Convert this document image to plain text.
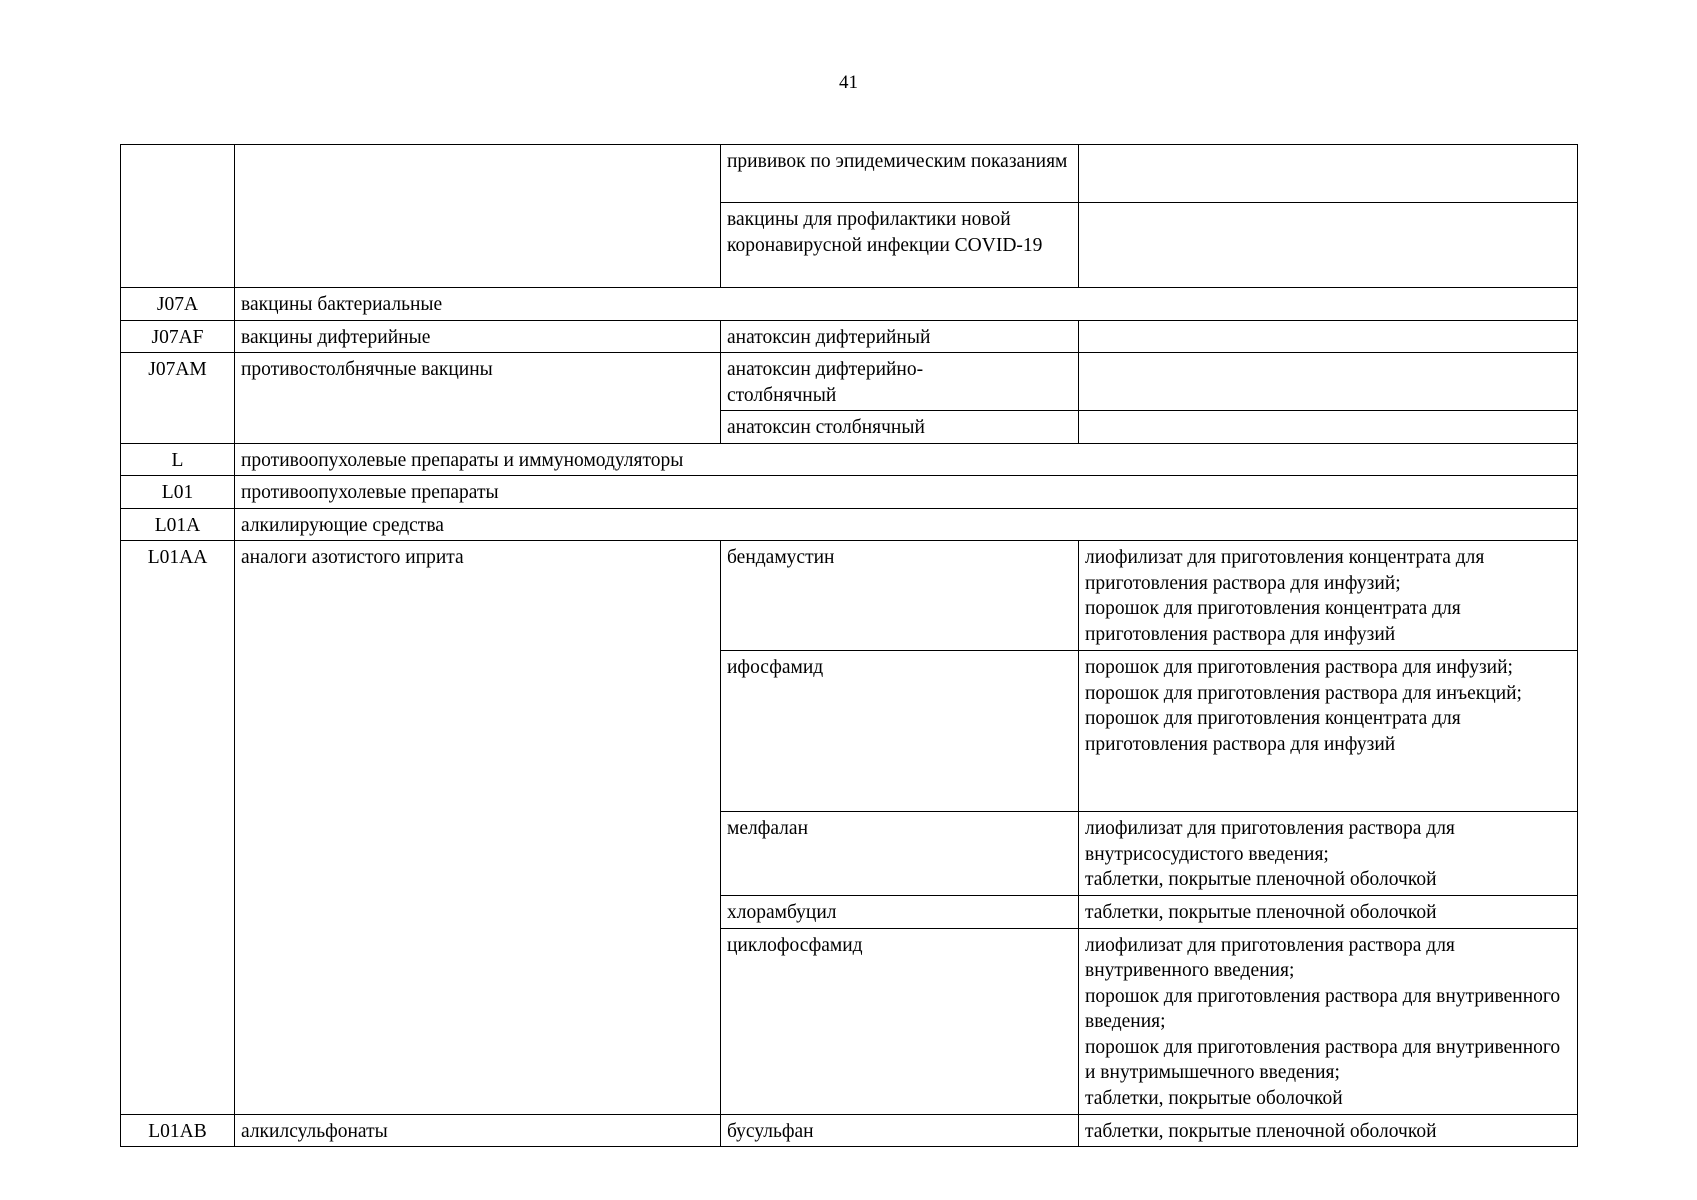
41
		прививок по эпидемическим показаниям	
		вакцины для профилактики новой коронавирусной инфекции COVID-19	
J07A	вакцины бактериальные		
J07AF	вакцины дифтерийные	анатоксин дифтерийный	
J07AM	противостолбнячные вакцины	анатоксин дифтерийно-
столбнячный	
		анатоксин столбнячный	
L	противоопухолевые препараты и иммуномодуляторы		
L01	противоопухолевые препараты		
L01A	алкилирующие средства		
L01AA	аналоги азотистого иприта	бендамустин	лиофилизат для приготовления концентрата для приготовления раствора для инфузий;
порошок для приготовления концентрата для приготовления раствора для инфузий
		ифосфамид	порошок для приготовления раствора для инфузий;
порошок для приготовления раствора для инъекций;
порошок для приготовления концентрата для приготовления раствора для инфузий
		мелфалан	лиофилизат для приготовления раствора для внутрисосудистого введения;
таблетки, покрытые пленочной оболочкой
		хлорамбуцил	таблетки, покрытые пленочной оболочкой
		циклофосфамид	лиофилизат для приготовления раствора для внутривенного введения;
порошок для приготовления раствора для внутривенного введения;
порошок для приготовления раствора для внутривенного и внутримышечного введения;
таблетки, покрытые оболочкой
L01AB	алкилсульфонаты	бусульфан	таблетки, покрытые пленочной оболочкой
